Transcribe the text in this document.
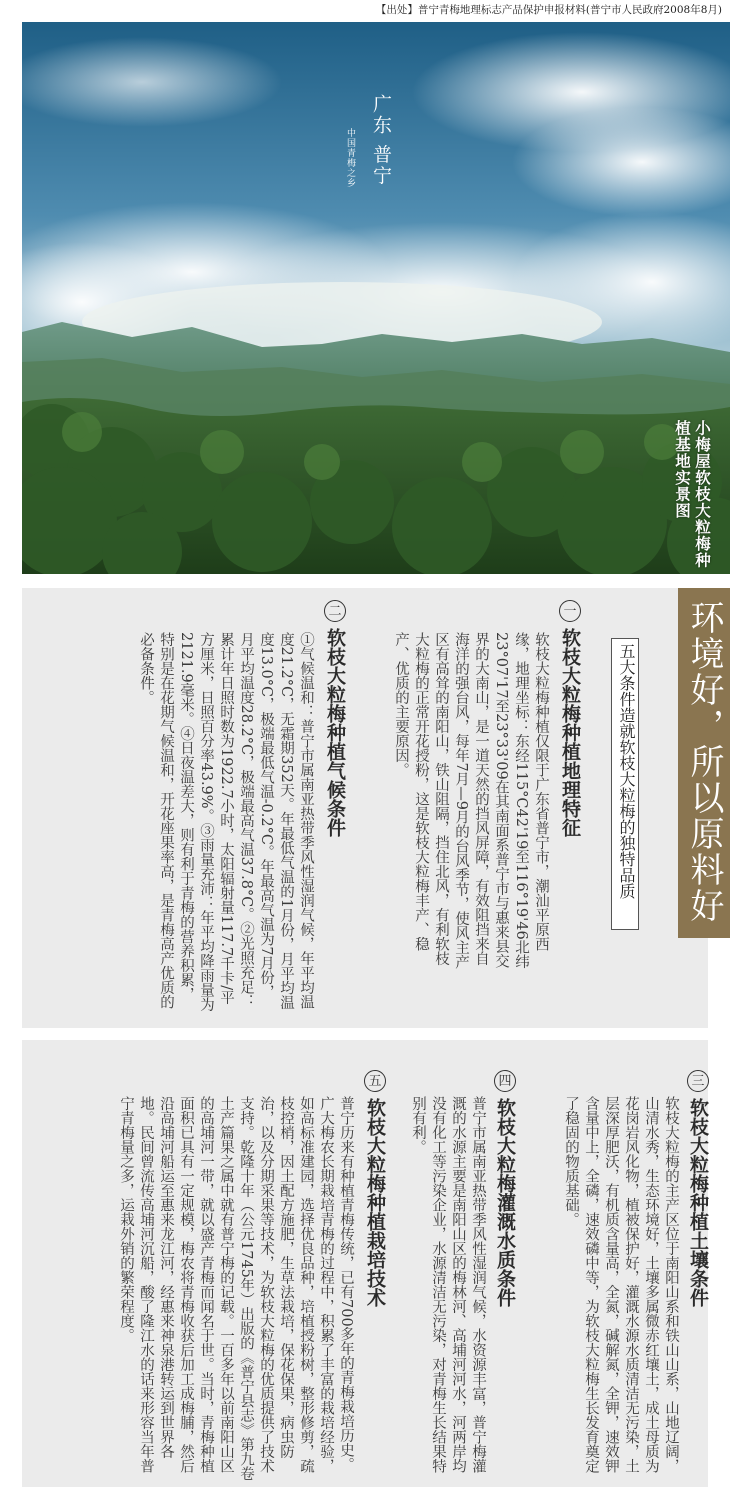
【出处】普宁青梅地理标志产品保护申报材料(普宁市人民政府2008年8月)
广东 普宁
中国青梅之乡
小梅屋软枝大粒梅种植基地实景图
环境好，所以原料好
五大条件造就软枝大粒梅的独特品质
一软枝大粒梅种植地理特征
软枝大粒梅种植仅限于广东省普宁市，潮汕平原西缘，地理坐标：东经115°C42'19至116°19'46北纬23°07'17至23°33'09在其南面系普宁市与惠来县交界的大南山，是一道天然的挡风屏障，有效阻挡来自海洋的强台风，每年7月—9月的台风季节，使风主产区有高耸的南阳山，铁山阻隔，挡住北风，有利软枝大粒梅的正常开花授粉，这是软枝大粒梅丰产、稳产、优质的主要原因。
二软枝大粒梅种植气候条件
①气候温和：普宁市属南亚热带季风性湿润气候，年平均温度21.2°C，无霜期352天。年最低气温的1月份，月平均温度13.0°C，极端最低气温-0.2°C。年最高气温为7月份，月平均温度28.2°C，极端最高气温37.8°C。②光照充足：累计年日照时数为1922.7小时，太阳辐射量117.7千卡/平方厘米，日照百分率43.9%。③雨量充沛：年平均降雨量为2121.9毫米。④日夜温差大，则有利于青梅的营养积累，特别是在花期气候温和，开花座果率高，是青梅高产优质的必备条件。
三软枝大粒梅种植土壤条件
软枝大粒梅的主产区位于南阳山系和铁山山系，山地辽阔，山清水秀，生态环境好，土壤多属微赤红壤土，成土母质为花岗岩风化物，植被保护好，灌溉水源水质清洁无污染，土层深厚肥沃，有机质含量高，全氮，碱解氮，全钾，速效钾含量中上，全磷，速效磷中等，为软枝大粒梅生长发育奠定了稳固的物质基础。
四软枝大粒梅灌溉水质条件
普宁市属南亚热带季风性湿润气候，水资源丰富，普宁梅灌溉的水源主要是南阳山区的梅林河、高埔河河水，河两岸均没有化工等污染企业，水源清洁无污染，对青梅生长结果特别有利。
五软枝大粒梅种植栽培技术
普宁历来有种植青梅传统，已有700多年的青梅栽培历史。广大梅农长期栽培青梅的过程中，积累了丰富的栽培经验，如高标准建园，选择优良品种，培植授粉树，整形修剪，疏枝控梢，因土配方施肥，生草法栽培，保花保果，病虫防治，以及分期采果等技术，为软枝大粒梅的优质提供了技术支持。乾隆十年（公元1745年）出版的《普宁县志》第九卷土产篇果之属中就有普宁梅的记载。一百多年以前南阳山区的高埔河一带，就以盛产青梅而闻名于世。当时，青梅种植面积已具有一定规模，梅农将青梅收获后加工成梅脯，然后沿高埔河船运至惠来龙江河，经惠来神泉港转运到世界各地。民间曾流传高埔河沉船，酸了隆江水的话来形容当年普宁青梅量之多，运栽外销的繁荣程度。
